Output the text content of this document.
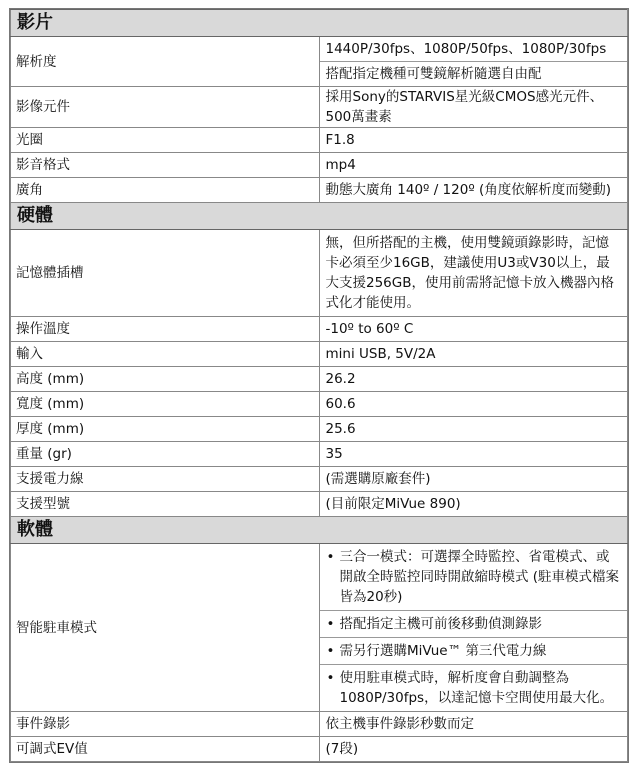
影片	
解析度	1440P/30fps、1080P/50fps、1080P/30fps
搭配指定機種可雙鏡解析隨選自由配

影像元件	採用Sony的STARVIS星光級CMOS感光元件、500萬畫素
光圈	F1.8
影音格式	mp4
廣角	動態大廣角 140º / 120º (角度依解析度而變動)
硬體	
記憶體插槽	無，但所搭配的主機，使用雙鏡頭錄影時，記憶卡必須至少16GB，建議使用U3或V30以上，最大支援256GB，使用前需將記憶卡放入機器內格式化才能使用。
操作溫度	-10º to 60º C
輸入	mini USB, 5V/2A
高度 (mm)	26.2
寬度 (mm)	60.6
厚度 (mm)	25.6
重量 (gr)	35
支援電力線	(需選購原廠套件)
支援型號	(目前限定MiVue 890)
軟體	
智能駐車模式	• 三合一模式：可選擇全時監控、省電模式、或開啟全時監控同時開啟縮時模式 (駐車模式檔案皆為20秒)
• 搭配指定主機可前後移動偵測錄影
• 需另行選購MiVue™ 第三代電力線
• 使用駐車模式時，解析度會自動調整為1080P/30fps，以達記憶卡空間使用最大化。

事件錄影	依主機事件錄影秒數而定
可調式EV值	(7段)
